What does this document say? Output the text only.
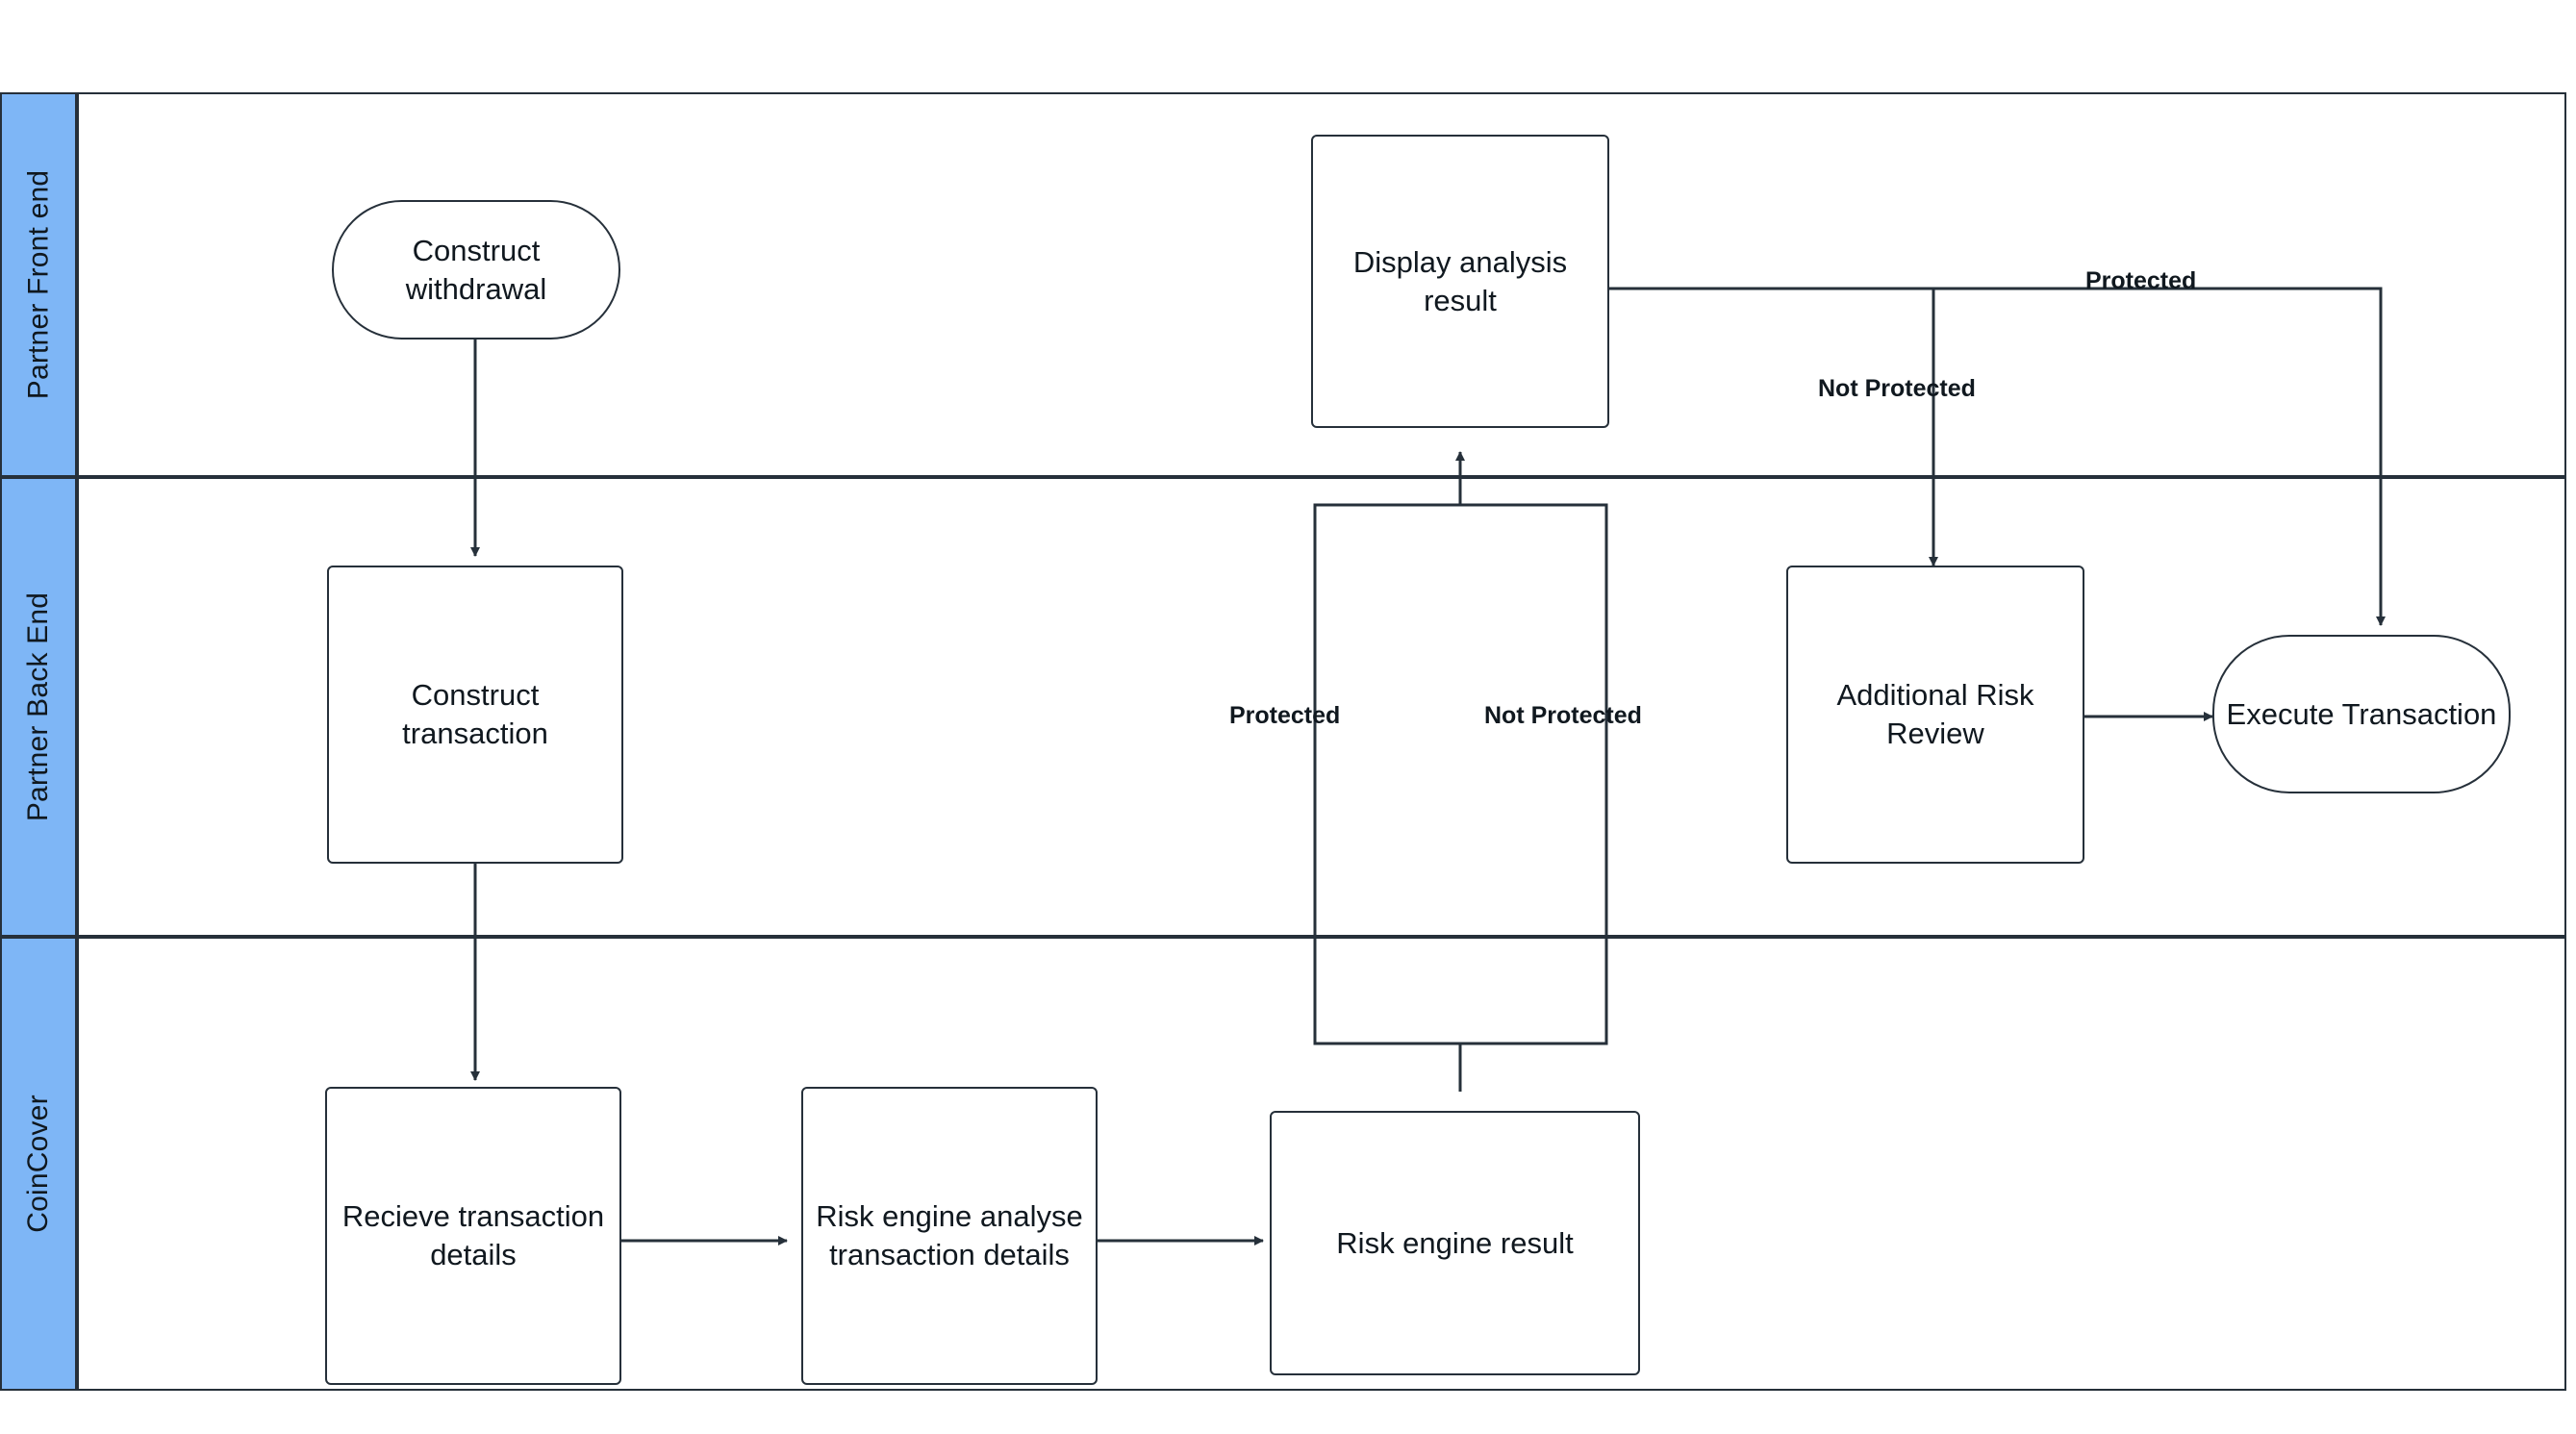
Partner Front end
Partner Back End
CoinCover
Construct withdrawal
Display analysis result
Construct transaction
Additional Risk Review
Execute Transaction
Recieve transaction details
Risk engine analyse transaction details	Risk engine result
Protected
Not Protected
Protected	Not Protected
